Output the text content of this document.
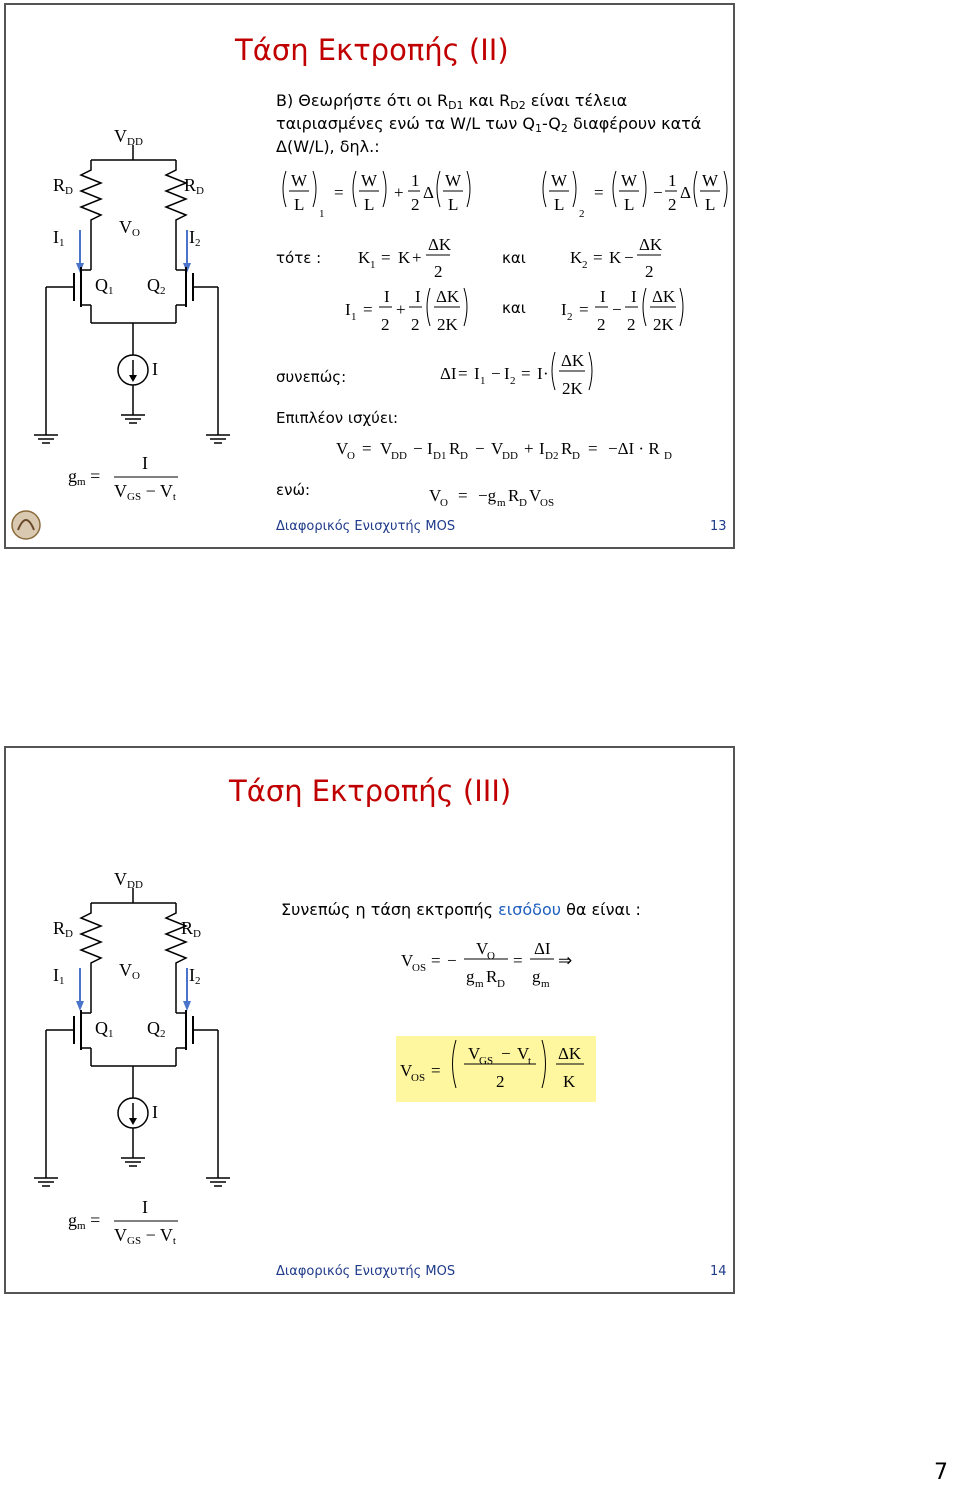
Τάση Εκτροπής (ΙΙ)
$V_{DD}$
$R_D$	$R_D$
$I_1$
$V_O$	$I_2$
$Q_1$ $Q_2$
I
$g_m$ =
I
$V_{GS} - V_t$
Β) Θεωρήστε ότι οι $R_{D1}$ και $R_{D2}$ είναι τέλεια
ταιριασμένες ενώ τα W/L των $Q_1-Q_2$ διαφέρουν κατά
Δ(W/L), δηλ.:
W
L 1
=
W
L
+
1
2
Δ
W
L
W
L 2
=
W
L
−
1
2
Δ
W
L
K 1 = K +
ΔK
2
K 2 = K −
ΔK
2
I 1 =
I
2
+
I
2
ΔK
2K
I 2 =
I
2
−
I
2
ΔK
2K
ΔI = I 1 − I 2 = I ·
ΔK
2K
V
O = V
DD − I D1 R D − V
DD + I D2 R D = −ΔI · R D
V
O = −g m R D V
OS
τότε :	και
και
συνεπώς:
Επιπλέον ισχύει:
ενώ:
Διαφορικός Ενισχυτής MOS	13
Τάση Εκτροπής (ΙΙΙ)
$V_{DD}$
$R_D$	$R_D$
$I_1$
$V_O$	$I_2$
$Q_1$ $Q_2$
I
$g_m$ =
I
$V_{GS} - V_t$
Συνεπώς η τάση εκτροπής εισόδου θα είναι :
V
OS = −
V
O
g m R D
=
ΔI
g m
⇒
V
OS =
V
GS − V
t
2
ΔK
K
Διαφορικός Ενισχυτής MOS	14
7
